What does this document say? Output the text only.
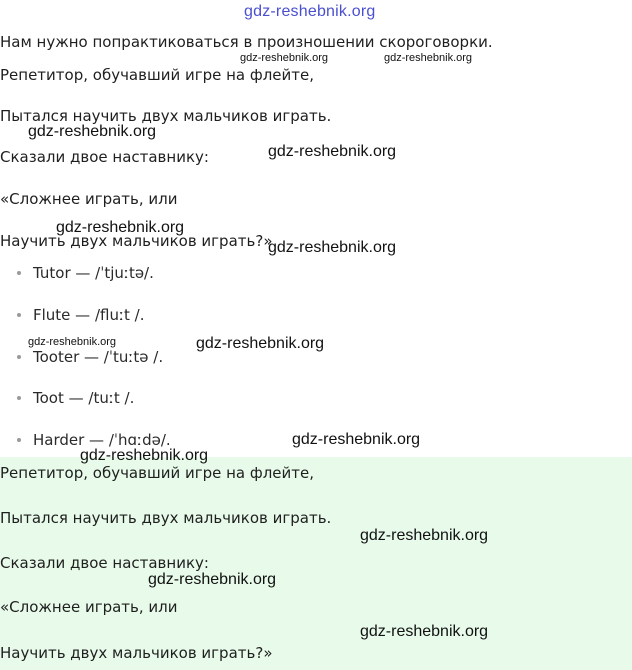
gdz-reshebnik.org
Нам нужно попрактиковаться в произношении скороговорки.
Репетитор, обучавший игре на флейте,
Пытался научить двух мальчиков играть.
Сказали двое наставнику:
«Сложнее играть, или
Научить двух мальчиков играть?»
Tutor — /ˈtjuːtə/.
Flute — /fluːt /.
Tooter — /ˈtuːtə /.
Toot — /tuːt /.
Harder — /ˈhɑːdə/.
Репетитор, обучавший игре на флейте,
Пытался научить двух мальчиков играть.
Сказали двое наставнику:
«Сложнее играть, или
Научить двух мальчиков играть?»
gdz-reshebnik.org	gdz-reshebnik.org
gdz-reshebnik.org
gdz-reshebnik.org
gdz-reshebnik.org
gdz-reshebnik.org
gdz-reshebnik.org	gdz-reshebnik.org
gdz-reshebnik.org
gdz-reshebnik.org
gdz-reshebnik.org
gdz-reshebnik.org
gdz-reshebnik.org
